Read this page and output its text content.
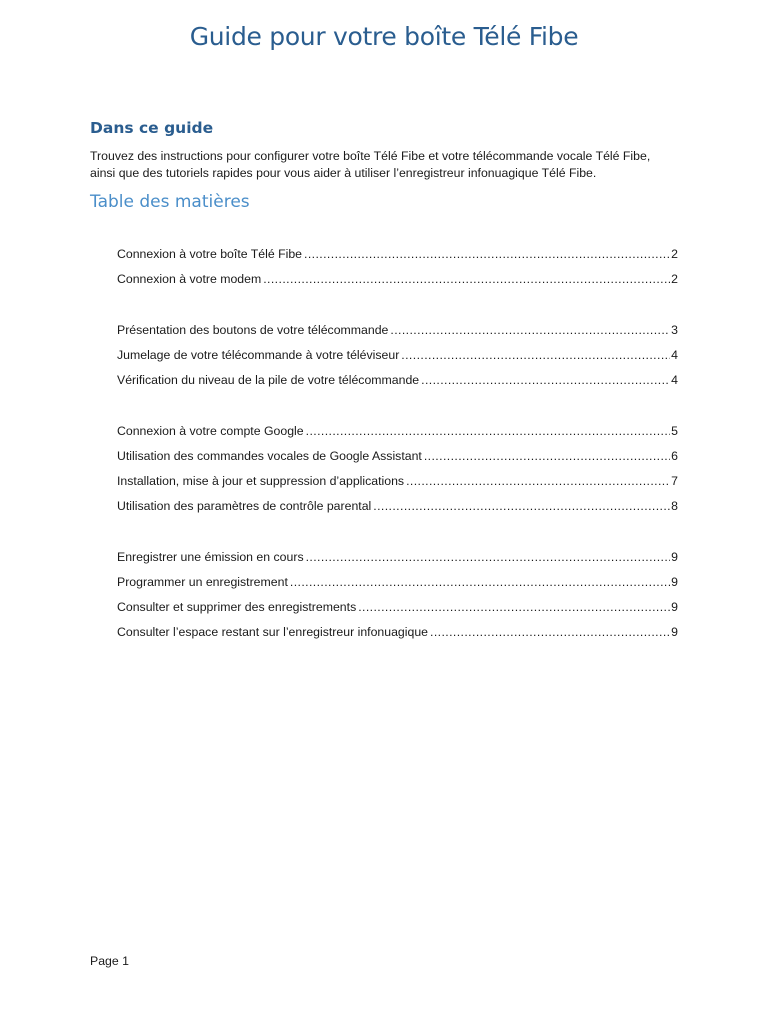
Guide pour votre boîte Télé Fibe
Dans ce guide

Trouvez des instructions pour configurer votre boîte Télé Fibe et votre télécommande vocale Télé Fibe,
ainsi que des tutoriels rapides pour vous aider à utiliser l’enregistreur infonuagique Télé Fibe.

Table des matières
Connexion à votre boîte Télé Fibe .....	2
Connexion à votre modem .....	2
Présentation des boutons de votre télécommande .....	3
Jumelage de votre télécommande à votre téléviseur .....	4
Vérification du niveau de la pile de votre télécommande .....	4
Connexion à votre compte Google .....	5
Utilisation des commandes vocales de Google Assistant .....	6
Installation, mise à jour et suppression d’applications .....	7
Utilisation des paramètres de contrôle parental .....	8
Enregistrer une émission en cours .....	9
Programmer un enregistrement .....	9
Consulter et supprimer des enregistrements .....	9
Consulter l’espace restant sur l’enregistreur infonuagique .....	9

Page 1
